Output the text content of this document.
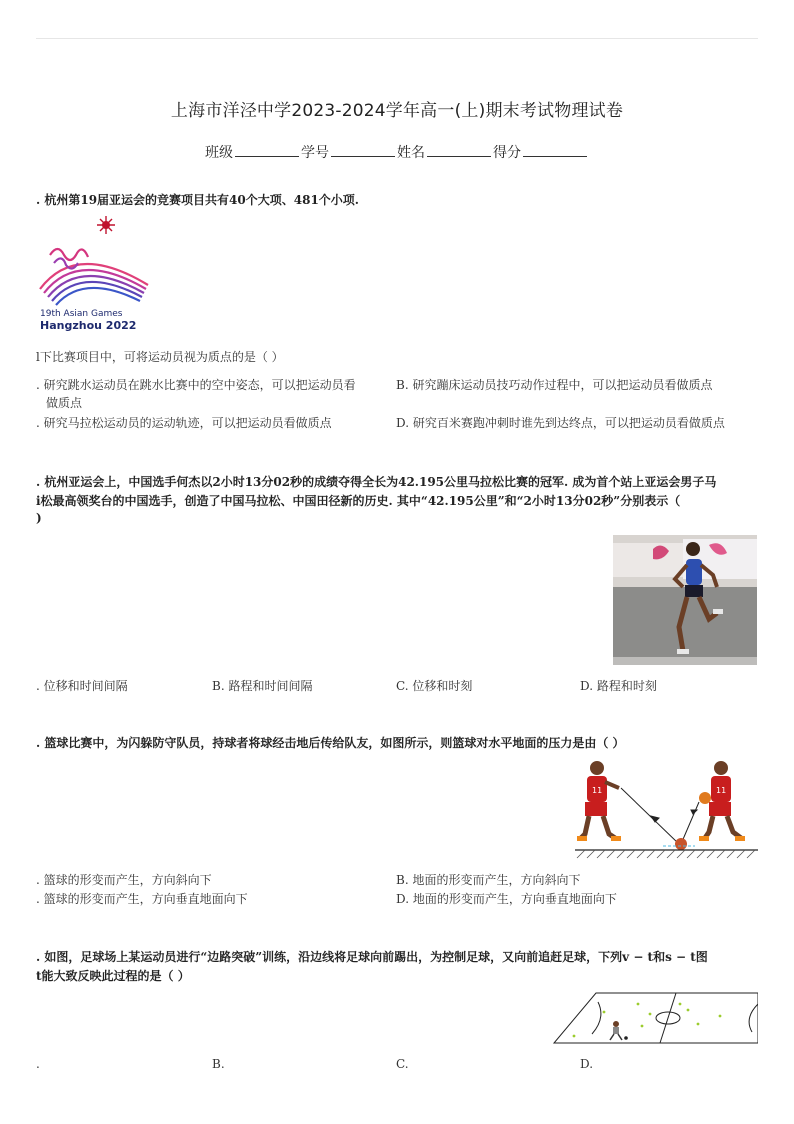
上海市洋泾中学2023-2024学年高一(上)期末考试物理试卷
班级	学号	姓名	得分
. 杭州第19届亚运会的竞赛项目共有40个大项、481个小项.
19th Asian Games
Hangzhou 2022
l下比赛项目中，可将运动员视为质点的是（ ）
. 研究跳水运动员在跳水比赛中的空中姿态，可以把运动员看
做质点
B. 研究蹦床运动员技巧动作过程中，可以把运动员看做质点
. 研究马拉松运动员的运动轨迹，可以把运动员看做质点	D. 研究百米赛跑冲刺时谁先到达终点，可以把运动员看做质点
. 杭州亚运会上，中国选手何杰以2小时13分02秒的成绩夺得全长为42.195公里马拉松比赛的冠军. 成为首个站上亚运会男子马
i松最高领奖台的中国选手，创造了中国马拉松、中国田径新的历史. 其中“42.195公里”和“2小时13分02秒”分别表示（
)
. 位移和时间间隔	B. 路程和时间间隔	C. 位移和时刻	D. 路程和时刻
. 篮球比赛中，为闪躲防守队员，持球者将球经击地后传给队友，如图所示，则篮球对水平地面的压力是由（ ）
11	11
. 篮球的形变而产生，方向斜向下	B. 地面的形变而产生，方向斜向下
. 篮球的形变而产生，方向垂直地面向下	D. 地面的形变而产生，方向垂直地面向下
. 如图，足球场上某运动员进行“边路突破”训练，沿边线将足球向前踢出，为控制足球，又向前追赶足球，下列v − t和s − t图
t能大致反映此过程的是（ ）
.	B.	C.	D.
